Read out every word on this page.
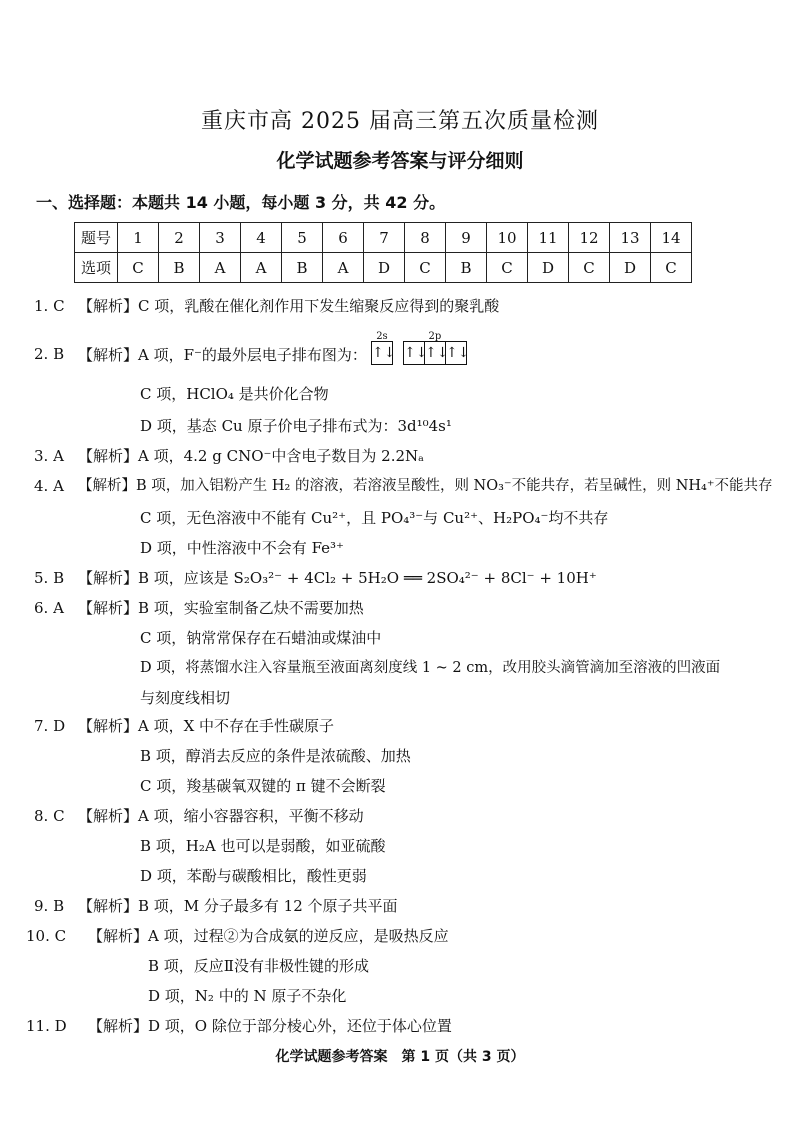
重庆市高 2025 届高三第五次质量检测
化学试题参考答案与评分细则
一、选择题：本题共 14 小题，每小题 3 分，共 42 分。
题号	1	2	3	4	5	6	7	8	9	10	11	12	13	14
选项	C	B	A	A	B	A	D	C	B	C	D	C	D	C
1. C 【解析】C 项，乳酸在催化剂作用下发生缩聚反应得到的聚乳酸
2. B 【解析】A 项，F⁻的最外层电子排布图为：
2s
↑↓
2p
↑↓
↑↓
↑↓
C 项，HClO₄ 是共价化合物
D 项，基态 Cu 原子价电子排布式为：3d¹⁰4s¹
3. A 【解析】A 项，4.2 g CNO⁻中含电子数目为 2.2Nₐ
4. A 【解析】B 项，加入铝粉产生 H₂ 的溶液，若溶液呈酸性，则 NO₃⁻不能共存，若呈碱性，则 NH₄⁺不能共存
C 项，无色溶液中不能有 Cu²⁺，且 PO₄³⁻与 Cu²⁺、H₂PO₄⁻均不共存
D 项，中性溶液中不会有 Fe³⁺
5. B 【解析】B 项，应该是 S₂O₃²⁻ + 4Cl₂ + 5H₂O ══ 2SO₄²⁻ + 8Cl⁻ + 10H⁺
6. A 【解析】B 项，实验室制备乙炔不需要加热
C 项，钠常常保存在石蜡油或煤油中
D 项，将蒸馏水注入容量瓶至液面离刻度线 1 ~ 2 cm，改用胶头滴管滴加至溶液的凹液面
与刻度线相切
7. D 【解析】A 项，X 中不存在手性碳原子
B 项，醇消去反应的条件是浓硫酸、加热
C 项，羧基碳氧双键的 π 键不会断裂
8. C 【解析】A 项，缩小容器容积，平衡不移动
B 项，H₂A 也可以是弱酸，如亚硫酸
D 项，苯酚与碳酸相比，酸性更弱
9. B 【解析】B 项，M 分子最多有 12 个原子共平面
10. C 【解析】A 项，过程②为合成氨的逆反应，是吸热反应
B 项，反应Ⅱ没有非极性键的形成
D 项，N₂ 中的 N 原子不杂化
11. D 【解析】D 项，O 除位于部分棱心外，还位于体心位置
化学试题参考答案　第 1 页（共 3 页）
